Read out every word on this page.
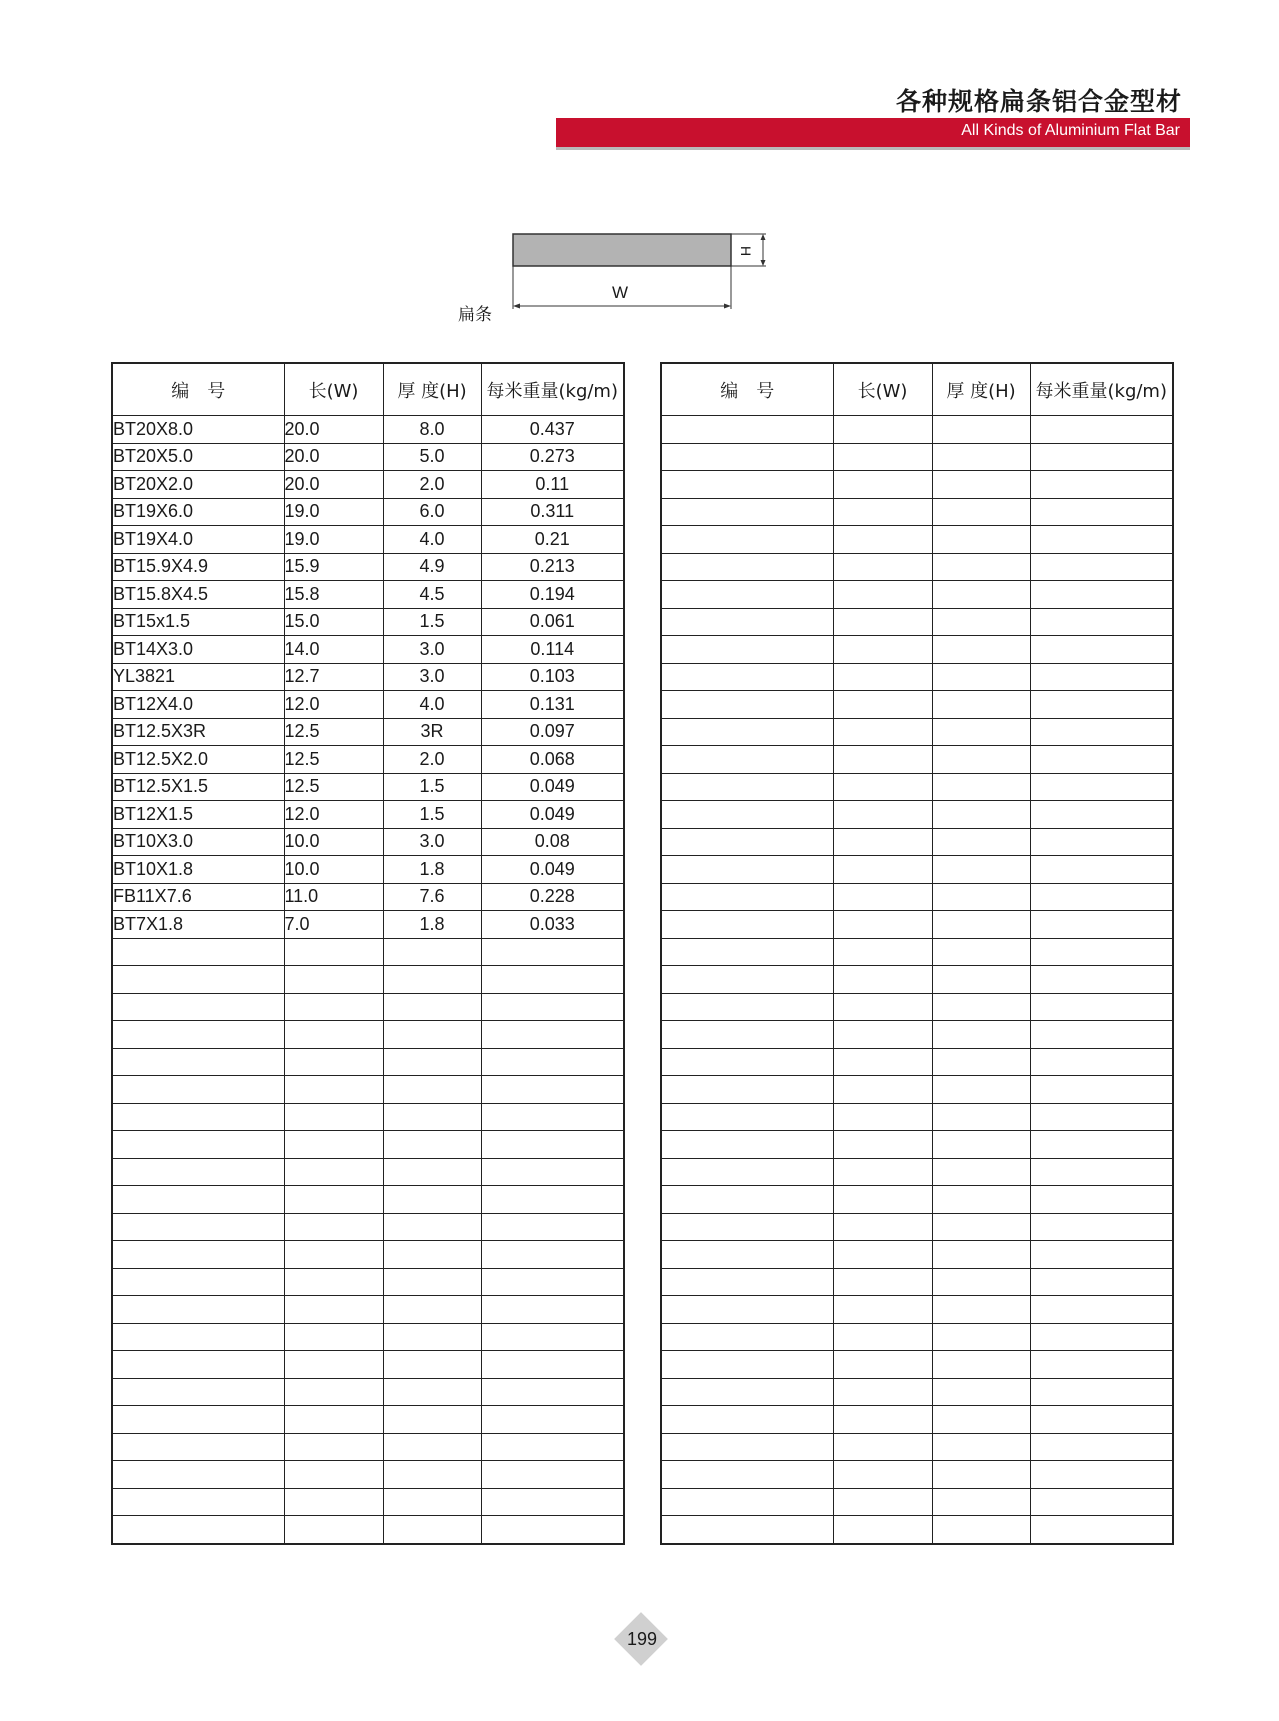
各种规格扁条铝合金型材
All Kinds of Aluminium Flat Bar
扁条
W
H
编　号	长(W)	厚 度(H)	每米重量(kg/m)
BT20X8.0	20.0	8.0	0.437
BT20X5.0	20.0	5.0	0.273
BT20X2.0	20.0	2.0	0.11
BT19X6.0	19.0	6.0	0.311
BT19X4.0	19.0	4.0	0.21
BT15.9X4.9	15.9	4.9	0.213
BT15.8X4.5	15.8	4.5	0.194
BT15x1.5	15.0	1.5	0.061
BT14X3.0	14.0	3.0	0.114
YL3821	12.7	3.0	0.103
BT12X4.0	12.0	4.0	0.131
BT12.5X3R	12.5	3R	0.097
BT12.5X2.0	12.5	2.0	0.068
BT12.5X1.5	12.5	1.5	0.049
BT12X1.5	12.0	1.5	0.049
BT10X3.0	10.0	3.0	0.08
BT10X1.8	10.0	1.8	0.049
FB11X7.6	11.0	7.6	0.228
BT7X1.8	7.0	1.8	0.033

编　号	长(W)	厚 度(H)	每米重量(kg/m)

199
